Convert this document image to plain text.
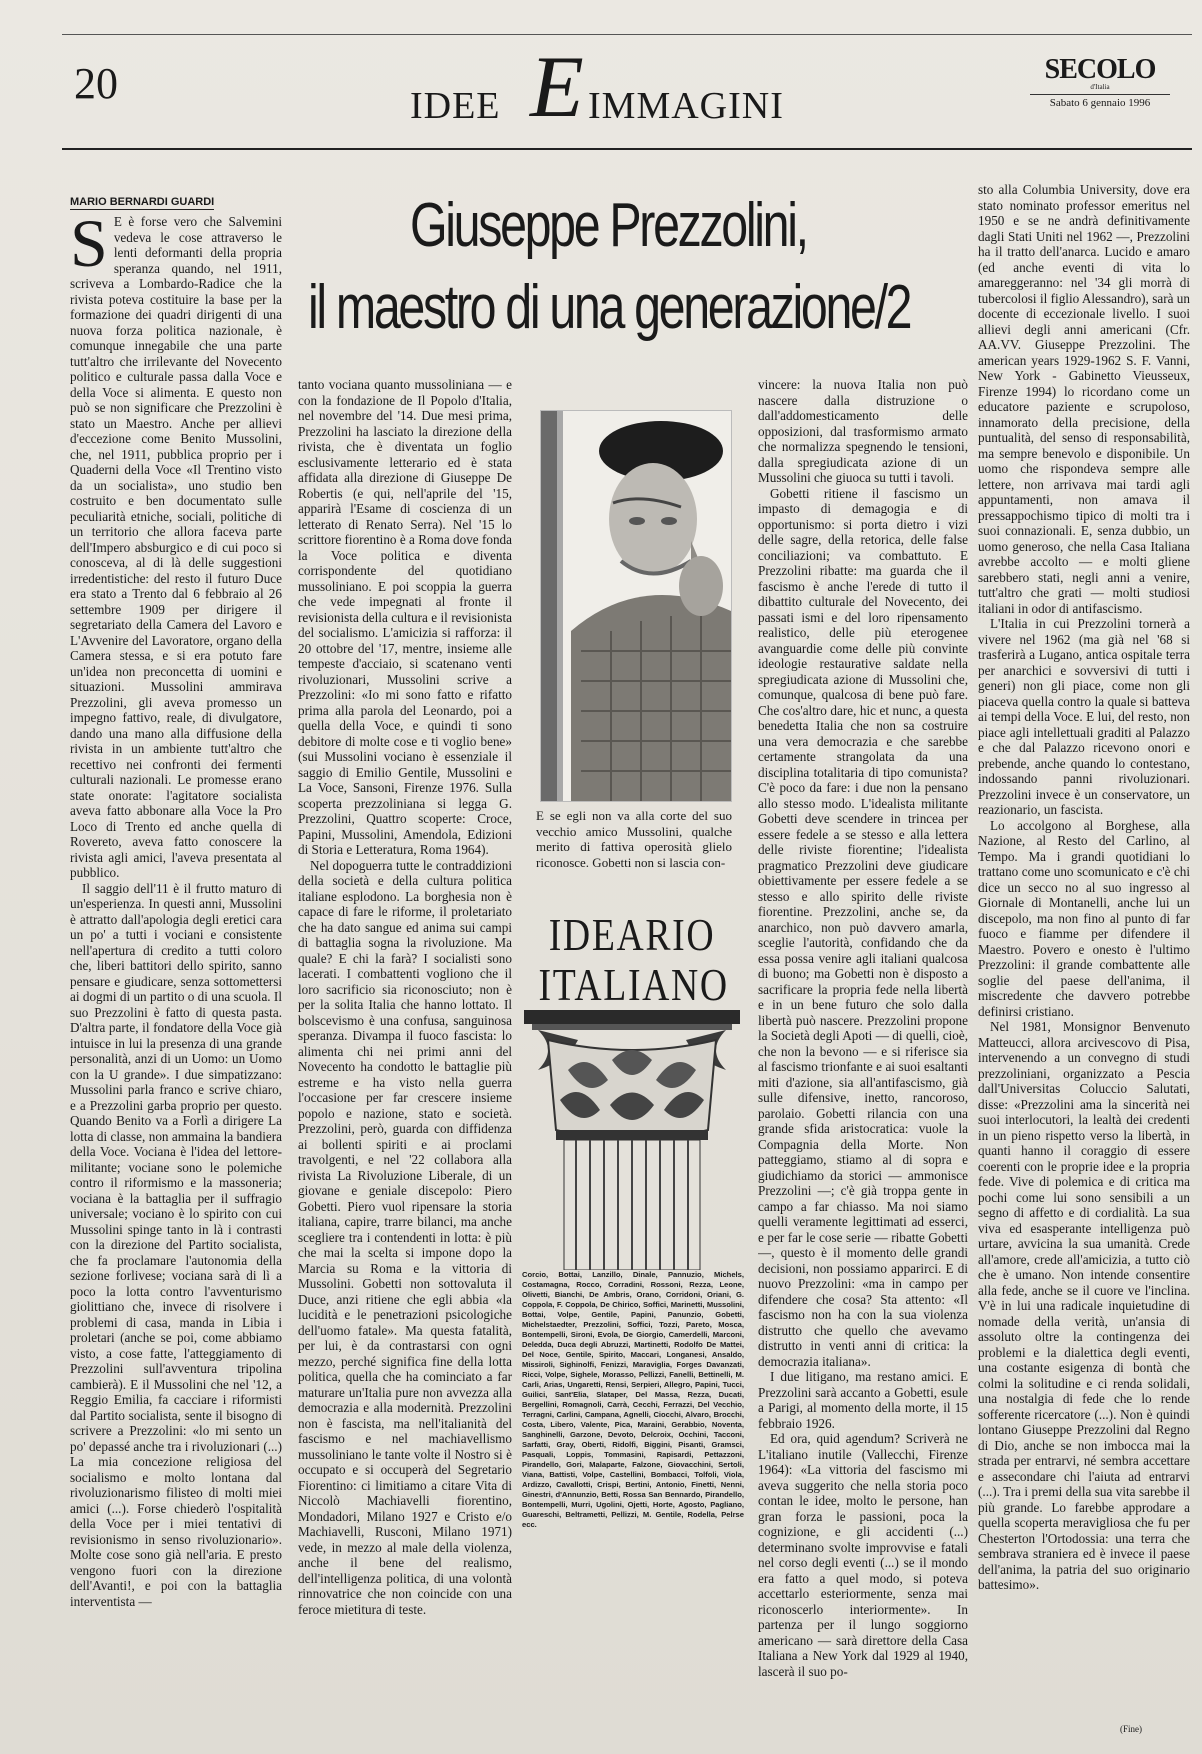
20	IDEE E IMMAGINI
SECOLO
d'Italia
Sabato 6 gennaio 1996
MARIO BERNARDI GUARDI	Giuseppe Prezzolini,
il maestro di una generazione/2

S E è forse vero che Salvemini vedeva le cose attraverso le lenti deformanti della propria speranza quando, nel 1911, scriveva a Lombardo-Radice che la rivista poteva costituire la base per la formazione dei quadri dirigenti di una nuova forza politica nazionale, è comunque innegabile che una parte tutt'altro che irrilevante del Novecento politico e culturale passa dalla Voce e della Voce si alimenta. E questo non può se non significare che Prezzolini è stato un Maestro. Anche per allievi d'eccezione come Benito Mussolini, che, nel 1911, pubblica proprio per i Quaderni della Voce «Il Trentino visto da un socialista», uno studio ben costruito e ben documentato sulle peculiarità etniche, sociali, politiche di un territorio che allora faceva parte dell'Impero absburgico e di cui poco si conosceva, al di là delle suggestioni irredentistiche: del resto il futuro Duce era stato a Trento dal 6 febbraio al 26 settembre 1909 per dirigere il segretariato della Camera del Lavoro e L'Avvenire del Lavoratore, organo della Camera stessa, e si era potuto fare un'idea non preconcetta di uomini e situazioni. Mussolini ammirava Prezzolini, gli aveva promesso un impegno fattivo, reale, di divulgatore, dando una mano alla diffusione della rivista in un ambiente tutt'altro che recettivo nei confronti dei fermenti culturali nazionali. Le promesse erano state onorate: l'agitatore socialista aveva fatto abbonare alla Voce la Pro Loco di Trento ed anche quella di Rovereto, aveva fatto conoscere la rivista agli amici, l'aveva presentata al pubblico.

Il saggio dell'11 è il frutto maturo di un'esperienza. In questi anni, Mussolini è attratto dall'apologia degli eretici cara un po' a tutti i vociani e consistente nell'apertura di credito a tutti coloro che, liberi battitori dello spirito, sanno pensare e giudicare, senza sottomettersi ai dogmi di un partito o di una scuola. Il suo Prezzolini è fatto di questa pasta. D'altra parte, il fondatore della Voce già intuisce in lui la presenza di una grande personalità, anzi di un Uomo: un Uomo con la U grande». I due simpatizzano: Mussolini parla franco e scrive chiaro, e a Prezzolini garba proprio per questo. Quando Benito va a Forlì a dirigere La lotta di classe, non ammaina la bandiera della Voce. Vociana è l'idea del lettore-militante; vociane sono le polemiche contro il riformismo e la massoneria; vociana è la battaglia per il suffragio universale; vociano è lo spirito con cui Mussolini spinge tanto in là i contrasti con la direzione del Partito socialista, che fa proclamare l'autonomia della sezione forlivese; vociana sarà di lì a poco la lotta contro l'avventurismo giolittiano che, invece di risolvere i problemi di casa, manda in Libia i proletari (anche se poi, come abbiamo visto, a cose fatte, l'atteggiamento di Prezzolini sull'avventura tripolina cambierà). E il Mussolini che nel '12, a Reggio Emilia, fa cacciare i riformisti dal Partito socialista, sente il bisogno di scrivere a Prezzolini: «lo mi sento un po' depassé anche tra i rivoluzionari (...) La mia concezione religiosa del socialismo e molto lontana dal rivoluzionarismo filisteo di molti miei amici (...). Forse chiederò l'ospitalità della Voce per i miei tentativi di revisionismo in senso rivoluzionario». Molte cose sono già nell'aria. E presto vengono fuori con la direzione dell'Avanti!, e poi con la battaglia interventista —

tanto vociana quanto mussoliniana — e con la fondazione de Il Popolo d'Italia, nel novembre del '14. Due mesi prima, Prezzolini ha lasciato la direzione della rivista, che è diventata un foglio esclusivamente letterario ed è stata affidata alla direzione di Giuseppe De Robertis (e qui, nell'aprile del '15, apparirà l'Esame di coscienza di un letterato di Renato Serra). Nel '15 lo scrittore fiorentino è a Roma dove fonda la Voce politica e diventa corrispondente del quotidiano mussoliniano. E poi scoppia la guerra che vede impegnati al fronte il revisionista della cultura e il revisionista del socialismo. L'amicizia si rafforza: il 20 ottobre del '17, mentre, insieme alle tempeste d'acciaio, si scatenano venti rivoluzionari, Mussolini scrive a Prezzolini: «Io mi sono fatto e rifatto prima alla parola del Leonardo, poi a quella della Voce, e quindi ti sono debitore di molte cose e ti voglio bene» (sui Mussolini vociano è essenziale il saggio di Emilio Gentile, Mussolini e La Voce, Sansoni, Firenze 1976. Sulla scoperta prezzoliniana si legga G. Prezzolini, Quattro scoperte: Croce, Papini, Mussolini, Amendola, Edizioni di Storia e Letteratura, Roma 1964).

Nel dopoguerra tutte le contraddizioni della società e della cultura politica italiane esplodono. La borghesia non è capace di fare le riforme, il proletariato che ha dato sangue ed anima sui campi di battaglia sogna la rivoluzione. Ma quale? E chi la farà? I socialisti sono lacerati. I combattenti vogliono che il loro sacrificio sia riconosciuto; non è per la solita Italia che hanno lottato. Il bolscevismo è una confusa, sanguinosa speranza. Divampa il fuoco fascista: lo alimenta chi nei primi anni del Novecento ha condotto le battaglie più estreme e ha visto nella guerra l'occasione per far crescere insieme popolo e nazione, stato e società. Prezzolini, però, guarda con diffidenza ai bollenti spiriti e ai proclami travolgenti, e nel '22 collabora alla rivista La Rivoluzione Liberale, di un giovane e geniale discepolo: Piero Gobetti. Piero vuol ripensare la storia italiana, capire, trarre bilanci, ma anche scegliere tra i contendenti in lotta: è più che mai la scelta si impone dopo la Marcia su Roma e la vittoria di Mussolini. Gobetti non sottovaluta il Duce, anzi ritiene che egli abbia «la lucidità e le penetrazioni psicologiche dell'uomo fatale». Ma questa fatalità, per lui, è da contrastarsi con ogni mezzo, perché significa fine della lotta politica, quella che ha cominciato a far maturare un'Italia pure non avvezza alla democrazia e alla modernità. Prezzolini non è fascista, ma nell'italianità del fascismo e nel machiavellismo mussoliniano le tante volte il Nostro si è occupato e si occuperà del Segretario Fiorentino: ci limitiamo a citare Vita di Niccolò Machiavelli fiorentino, Mondadori, Milano 1927 e Cristo e/o Machiavelli, Rusconi, Milano 1971) vede, in mezzo al male della violenza, anche il bene del realismo, dell'intelligenza politica, di una volontà rinnovatrice che non coincide con una feroce mietitura di teste.

E se egli non va alla corte del suo vecchio amico Mussolini, qualche merito di fattiva operosità glielo riconosce. Gobetti non si lascia con-
IDEARIO
ITALIANO
Corcio, Bottai, Lanzillo, Dinale, Pannuzio, Michels, Costamagna, Rocco, Corradini, Rossoni, Rezza, Leone, Olivetti, Bianchi, De Ambris, Orano, Corridoni, Oriani, G. Coppola, F. Coppola, De Chirico, Soffici, Marinetti, Mussolini, Bottai, Volpe, Gentile, Papini, Panunzio, Gobetti, Michelstaedter, Prezzolini, Soffici, Tozzi, Pareto, Mosca, Bontempelli, Sironi, Evola, De Giorgio, Camerdelli, Marconi, Deledda, Duca degli Abruzzi, Martinetti, Rodolfo De Mattei, Del Noce, Gentile, Spirito, Maccari, Longanesi, Ansaldo, Missiroli, Sighinolfi, Fenizzi, Maraviglia, Forges Davanzati, Ricci, Volpe, Sighele, Morasso, Pellizzi, Fanelli, Bettinelli, M. Carli, Arias, Ungaretti, Rensi, Serpieri, Allegro, Papini, Tucci, Guilici, Sant'Elia, Slataper, Del Massa, Rezza, Ducati, Bergellini, Romagnoli, Carrà, Cecchi, Ferrazzi, Del Vecchio, Terragni, Carlini, Campana, Agnelli, Ciocchi, Alvaro, Brocchi, Costa, Libero, Valente, Pica, Maraini, Gerabbio, Noventa, Sanghinelli, Garzone, Devoto, Delcroix, Occhini, Tacconi, Sarfatti, Gray, Oberti, Ridolfi, Biggini, Pisanti, Gramsci, Pasquali, Loppis, Tommasini, Rapisardi, Pettazzoni, Pirandello, Gori, Malaparte, Falzone, Giovacchini, Sertoli, Viana, Battisti, Volpe, Castellini, Bombacci, Tolfoli, Viola, Ardizzo, Cavallotti, Crispi, Bertini, Antonio, Finetti, Nenni, Ginestri, d'Annunzio, Betti, Rossa San Bennardo, Pirandello, Bontempelli, Murri, Ugolini, Ojetti, Horte, Agosto, Pagliano, Guareschi, Beltrametti, Pellizzi, M. Gentile, Rodella, Pelrse ecc.

vincere: la nuova Italia non può nascere dalla distruzione o dall'addomesticamento delle opposizioni, dal trasformismo armato che normalizza spegnendo le tensioni, dalla spregiudicata azione di un Mussolini che giuoca su tutti i tavoli.

Gobetti ritiene il fascismo un impasto di demagogia e di opportunismo: si porta dietro i vizi delle sagre, della retorica, delle false conciliazioni; va combattuto. E Prezzolini ribatte: ma guarda che il fascismo è anche l'erede di tutto il dibattito culturale del Novecento, dei passati ismi e del loro ripensamento realistico, delle più eterogenee avanguardie come delle più convinte ideologie restaurative saldate nella spregiudicata azione di Mussolini che, comunque, qualcosa di bene può fare. Che cos'altro dare, hic et nunc, a questa benedetta Italia che non sa costruire una vera democrazia e che sarebbe certamente strangolata da una disciplina totalitaria di tipo comunista? C'è poco da fare: i due non la pensano allo stesso modo. L'idealista militante Gobetti deve scendere in trincea per essere fedele a se stesso e alla lettera delle riviste fiorentine; l'idealista pragmatico Prezzolini deve giudicare obiettivamente per essere fedele a se stesso e allo spirito delle riviste fiorentine. Prezzolini, anche se, da anarchico, non può davvero amarla, sceglie l'autorità, confidando che da essa possa venire agli italiani qualcosa di buono; ma Gobetti non è disposto a sacrificare la propria fede nella libertà e in un bene futuro che solo dalla libertà può nascere. Prezzolini propone la Società degli Apoti — di quelli, cioè, che non la bevono — e si riferisce sia al fascismo trionfante e ai suoi esaltanti miti d'azione, sia all'antifascismo, già sulle difensive, inetto, rancoroso, parolaio. Gobetti rilancia con una grande sfida aristocratica: vuole la Compagnia della Morte. Non patteggiamo, stiamo al di sopra e giudichiamo da storici — ammonisce Prezzolini —; c'è già troppa gente in campo a far chiasso. Ma noi siamo quelli veramente legittimati ad esserci, e per far le cose serie — ribatte Gobetti —, questo è il momento delle grandi decisioni, non possiamo apparirci. E di nuovo Prezzolini: «ma in campo per difendere che cosa? Sta attento: «Il fascismo non ha con la sua violenza distrutto che quello che avevamo distrutto in venti anni di critica: la democrazia italiana».

I due litigano, ma restano amici. E Prezzolini sarà accanto a Gobetti, esule a Parigi, al momento della morte, il 15 febbraio 1926.

Ed ora, quid agendum? Scriverà ne L'italiano inutile (Vallecchi, Firenze 1964): «La vittoria del fascismo mi aveva suggerito che nella storia poco contan le idee, molto le persone, han gran forza le passioni, poca la cognizione, e gli accidenti (...) determinano svolte improvvise e fatali nel corso degli eventi (...) se il mondo era fatto a quel modo, si poteva accettarlo esteriormente, senza mai riconoscerlo interiormente». In partenza per il lungo soggiorno americano — sarà direttore della Casa Italiana a New York dal 1929 al 1940, lascerà il suo po-

sto alla Columbia University, dove era stato nominato professor emeritus nel 1950 e se ne andrà definitivamente dagli Stati Uniti nel 1962 —, Prezzolini ha il tratto dell'anarca. Lucido e amaro (ed anche eventi di vita lo amareggeranno: nel '34 gli morrà di tubercolosi il figlio Alessandro), sarà un docente di eccezionale livello. I suoi allievi degli anni americani (Cfr. AA.VV. Giuseppe Prezzolini. The american years 1929-1962 S. F. Vanni, New York - Gabinetto Vieusseux, Firenze 1994) lo ricordano come un educatore paziente e scrupoloso, innamorato della precisione, della puntualità, del senso di responsabilità, ma sempre benevolo e disponibile. Un uomo che rispondeva sempre alle lettere, non arrivava mai tardi agli appuntamenti, non amava il pressappochismo tipico di molti tra i suoi connazionali. E, senza dubbio, un uomo generoso, che nella Casa Italiana avrebbe accolto — e molti gliene sarebbero stati, negli anni a venire, tutt'altro che grati — molti studiosi italiani in odor di antifascismo.

L'Italia in cui Prezzolini tornerà a vivere nel 1962 (ma già nel '68 si trasferirà a Lugano, antica ospitale terra per anarchici e sovversivi di tutti i generi) non gli piace, come non gli piaceva quella contro la quale si batteva ai tempi della Voce. E lui, del resto, non piace agli intellettuali graditi al Palazzo e che dal Palazzo ricevono onori e prebende, anche quando lo contestano, indossando panni rivoluzionari. Prezzolini invece è un conservatore, un reazionario, un fascista.

Lo accolgono al Borghese, alla Nazione, al Resto del Carlino, al Tempo. Ma i grandi quotidiani lo trattano come uno scomunicato e c'è chi dice un secco no al suo ingresso al Giornale di Montanelli, anche lui un discepolo, ma non fino al punto di far fuoco e fiamme per difendere il Maestro. Povero e onesto è l'ultimo Prezzolini: il grande combattente alle soglie del paese dell'anima, il miscredente che davvero potrebbe definirsi cristiano.

Nel 1981, Monsignor Benvenuto Matteucci, allora arcivescovo di Pisa, intervenendo a un convegno di studi prezzoliniani, organizzato a Pescia dall'Universitas Coluccio Salutati, disse: «Prezzolini ama la sincerità nei suoi interlocutori, la lealtà dei credenti in un pieno rispetto verso la libertà, in quanti hanno il coraggio di essere coerenti con le proprie idee e la propria fede. Vive di polemica e di critica ma pochi come lui sono sensibili a un segno di affetto e di cordialità. La sua viva ed esasperante intelligenza può urtare, avvicina la sua umanità. Crede all'amore, crede all'amicizia, a tutto ciò che è umano. Non intende consentire alla fede, anche se il cuore ve l'inclina. V'è in lui una radicale inquietudine di nomade della verità, un'ansia di assoluto oltre la contingenza dei problemi e la dialettica degli eventi, una costante esigenza di bontà che colmi la solitudine e ci renda solidali, una nostalgia di fede che lo rende sofferente ricercatore (...). Non è quindi lontano Giuseppe Prezzolini dal Regno di Dio, anche se non imbocca mai la strada per entrarvi, né sembra accettare e assecondare chi l'aiuta ad entrarvi (...). Tra i premi della sua vita sarebbe il più grande. Lo farebbe approdare a quella scoperta meravigliosa che fu per Chesterton l'Ortodossia: una terra che sembrava straniera ed è invece il paese dell'anima, la patria del suo originario battesimo».

(Fine)
